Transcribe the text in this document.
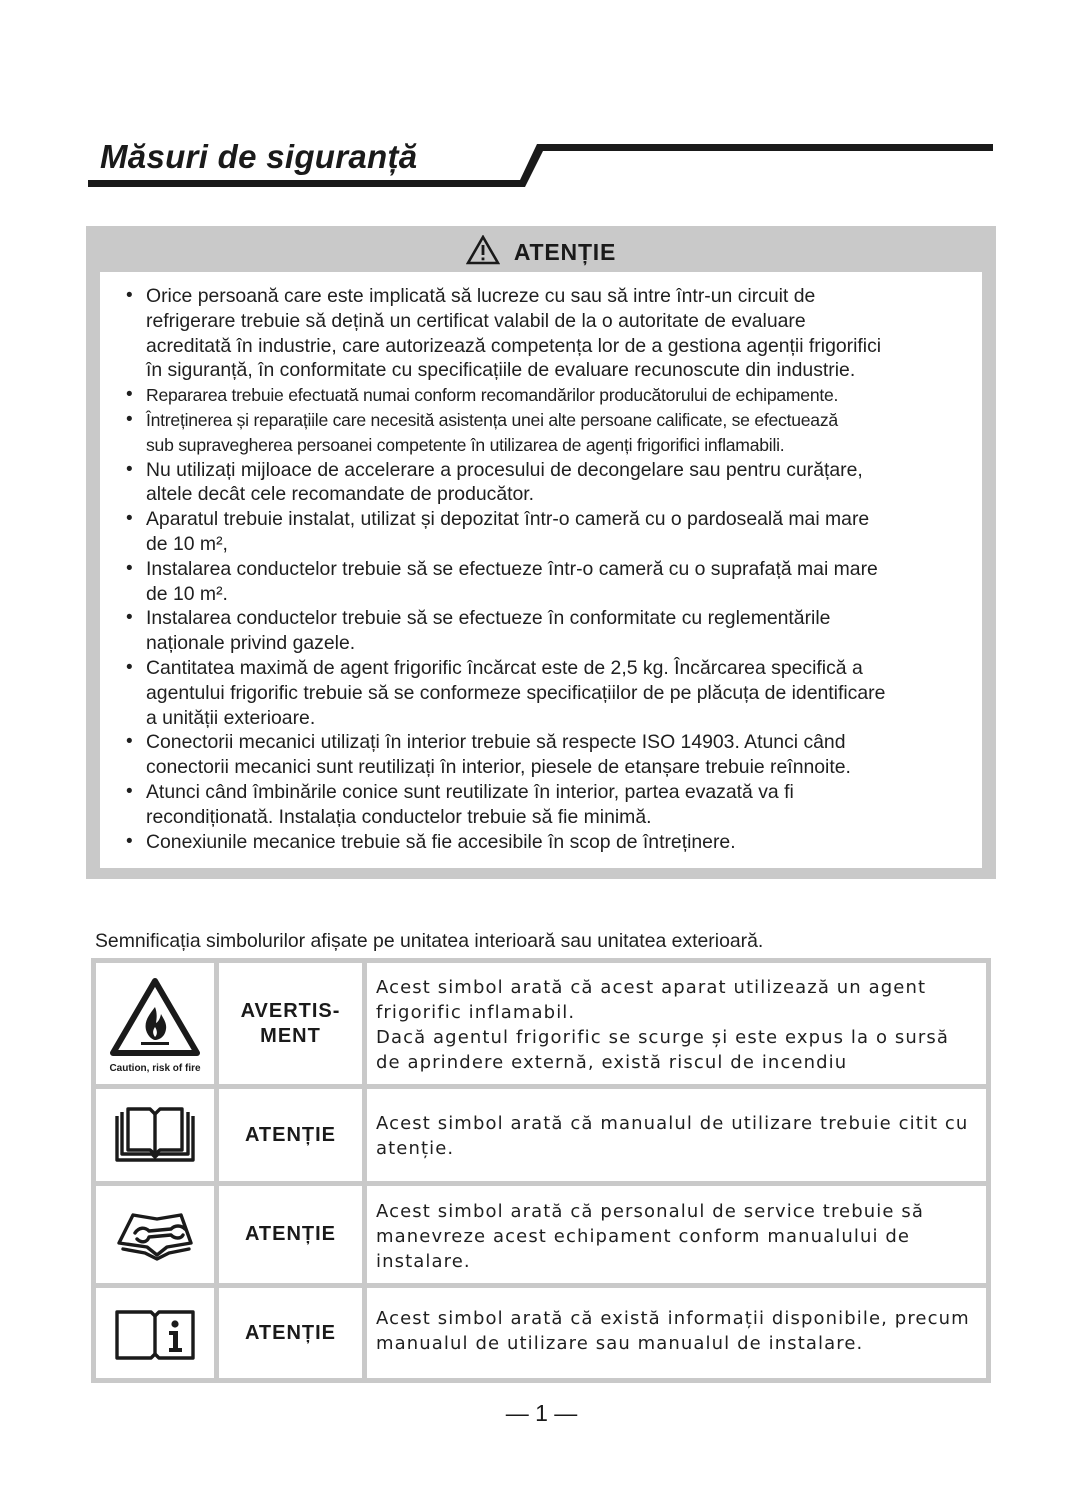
Măsuri de siguranță
ATENȚIE
• Orice persoană care este implicată să lucreze cu sau să intre într-un circuit de
refrigerare trebuie să dețină un certificat valabil de la o autoritate de evaluare
acreditată în industrie, care autorizează competența lor de a gestiona agenții frigorifici
în siguranță, în conformitate cu specificațiile de evaluare recunoscute din industrie.
• Repararea trebuie efectuată numai conform recomandărilor producătorului de echipamente.
• Întreținerea și reparațiile care necesită asistența unei alte persoane calificate, se efectuează
sub supravegherea persoanei competente în utilizarea de agenți frigorifici inflamabili.
• Nu utilizați mijloace de accelerare a procesului de decongelare sau pentru curățare,
altele decât cele recomandate de producător.
• Aparatul trebuie instalat, utilizat și depozitat într-o cameră cu o pardoseală mai mare
de 10 m²,
• Instalarea conductelor trebuie să se efectueze într-o cameră cu o suprafață mai mare
de 10 m².
• Instalarea conductelor trebuie să se efectueze în conformitate cu reglementările
naționale privind gazele.
• Cantitatea maximă de agent frigorific încărcat este de 2,5 kg. Încărcarea specifică a
agentului frigorific trebuie să se conformeze specificațiilor de pe plăcuța de identificare
a unității exterioare.
• Conectorii mecanici utilizați în interior trebuie să respecte ISO 14903. Atunci când
conectorii mecanici sunt reutilizați în interior, piesele de etanșare trebuie reînnoite.
• Atunci când îmbinările conice sunt reutilizate în interior, partea evazată va fi
recondiționată. Instalația conductelor trebuie să fie minimă.
• Conexiunile mecanice trebuie să fie accesibile în scop de întreținere.
Semnificația simbolurilor afișate pe unitatea interioară sau unitatea exterioară.
Caution, risk of fire
AVERTIS-
MENT
Acest simbol arată că acest aparat utilizează un agent frigorific inflamabil.
Dacă agentul frigorific se scurge și este expus la o sursă de aprindere externă, există riscul de incendiu
ATENȚIE Acest simbol arată că manualul de utilizare trebuie citit cu atenție.
ATENȚIE
Acest simbol arată că personalul de service trebuie să manevreze acest echipament conform manualului de instalare.
ATENȚIE
Acest simbol arată că există informații disponibile, precum manualul de utilizare sau manualul de instalare.
— 1 —
